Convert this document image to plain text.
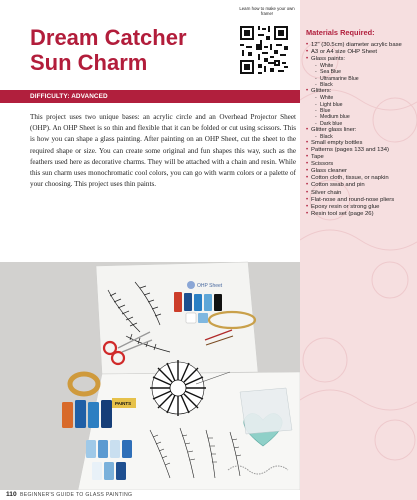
Dream Catcher
Sun Charm
Learn how to make your own frame!
DIFFICULTY: ADVANCED
This project uses two unique bases: an acrylic circle and an Overhead Projector Sheet (OHP). An OHP Sheet is so thin and flexible that it can be folded or cut using scissors. This is how you can shape a glass painting. After painting on an OHP Sheet, cut the sheet to the required shape or size. You can create some original and fun shapes this way, such as the feathers used here as decorative charms. They will be attached with a chain and resin. While this sun charm uses monochromatic cool colors, you can go with warm colors or a palette of your choosing. This project uses thin paints.
OHP Sheet
PAINTS
Materials Required:
• 12" (30.5cm) diameter acrylic base
• A3 or A4 size OHP Sheet
• Glass paints:
- White
- Sea Blue
- Ultramarine Blue
- Black
• Glitters:
- White
- Light blue
- Blue
- Medium blue
- Dark blue
• Glitter glass liner:
- Black
• Small empty bottles
• Patterns (pages 133 and 134)
• Tape
• Scissors
• Glass cleaner
• Cotton cloth, tissue, or napkin
• Cotton swab and pin
• Silver chain
• Flat-nose and round-nose pliers
• Epoxy resin or strong glue
• Resin tool set (page 26)
110 BEGINNER'S GUIDE TO GLASS PAINTING
